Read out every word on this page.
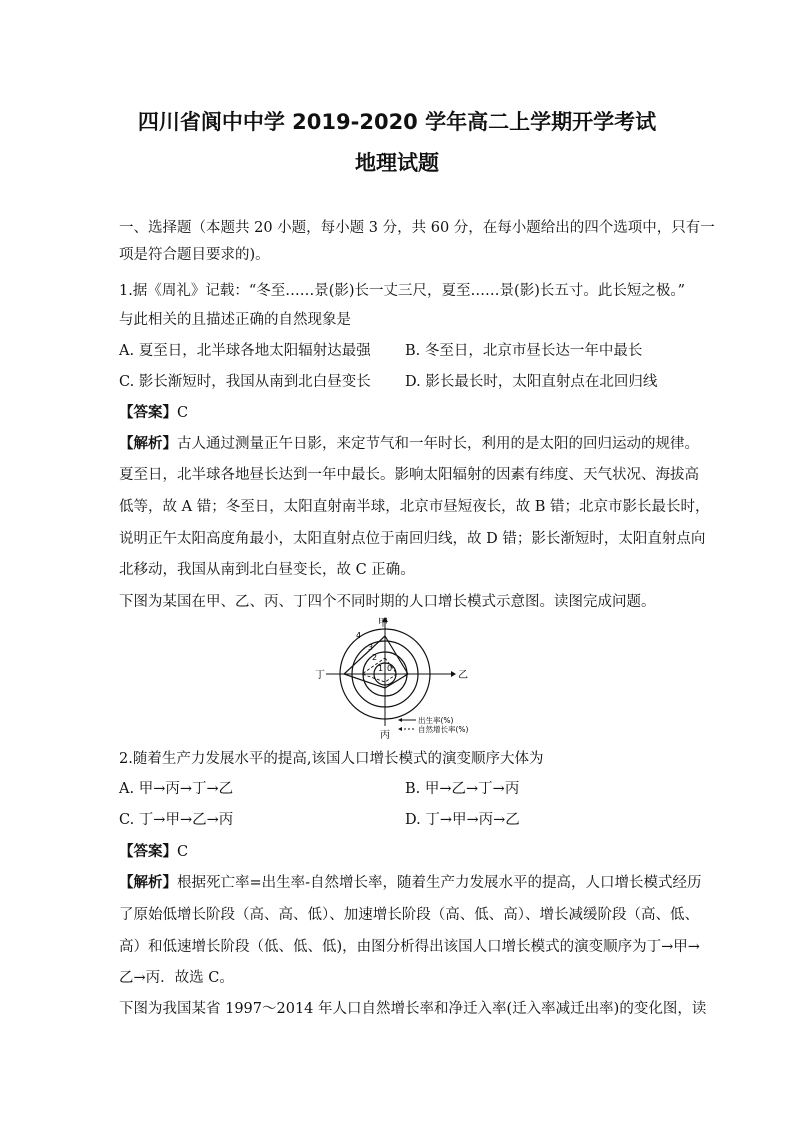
四川省阆中中学 2019-2020 学年高二上学期开学考试
地理试题
一、选择题（本题共 20 小题，每小题 3 分，共 60 分，在每小题给出的四个选项中，只有一
项是符合题目要求的)。
1.据《周礼》记载：“冬至……景(影)长一丈三尺，夏至……景(影)长五寸。此长短之极。”
与此相关的且描述正确的自然现象是
A. 夏至日，北半球各地太阳辐射达最强 B. 冬至日，北京市昼长达一年中最长
C. 影长渐短时，我国从南到北白昼变长 D. 影长最长时，太阳直射点在北回归线
【答案】C
【解析】古人通过测量正午日影，来定节气和一年时长，利用的是太阳的回归运动的规律。
夏至日，北半球各地昼长达到一年中最长。影响太阳辐射的因素有纬度、天气状况、海拔高
低等，故 A 错；冬至日，太阳直射南半球，北京市昼短夜长，故 B 错；北京市影长最长时，
说明正午太阳高度角最小，太阳直射点位于南回归线，故 D 错；影长渐短时，太阳直射点向
北移动，我国从南到北白昼变长，故 C 正确。
下图为某国在甲、乙、丙、丁四个不同时期的人口增长模式示意图。读图完成问题。
甲
乙
丙
丁
1
2
3
4
0
出生率(%)
自然增长率(%)
2.随着生产力发展水平的提高,该国人口增长模式的演变顺序大体为
A. 甲→丙→丁→乙	B. 甲→乙→丁→丙
C. 丁→甲→乙→丙	D. 丁→甲→丙→乙
【答案】C
【解析】根据死亡率=出生率-自然增长率，随着生产力发展水平的提高，人口增长模式经历
了原始低增长阶段（高、高、低）、加速增长阶段（高、低、高）、增长减缓阶段（高、低、
高）和低速增长阶段（低、低、低)，由图分析得出该国人口增长模式的演变顺序为丁→甲→
乙→丙．故选 C。
下图为我国某省 1997～2014 年人口自然增长率和净迁入率(迁入率减迁出率)的变化图，读
